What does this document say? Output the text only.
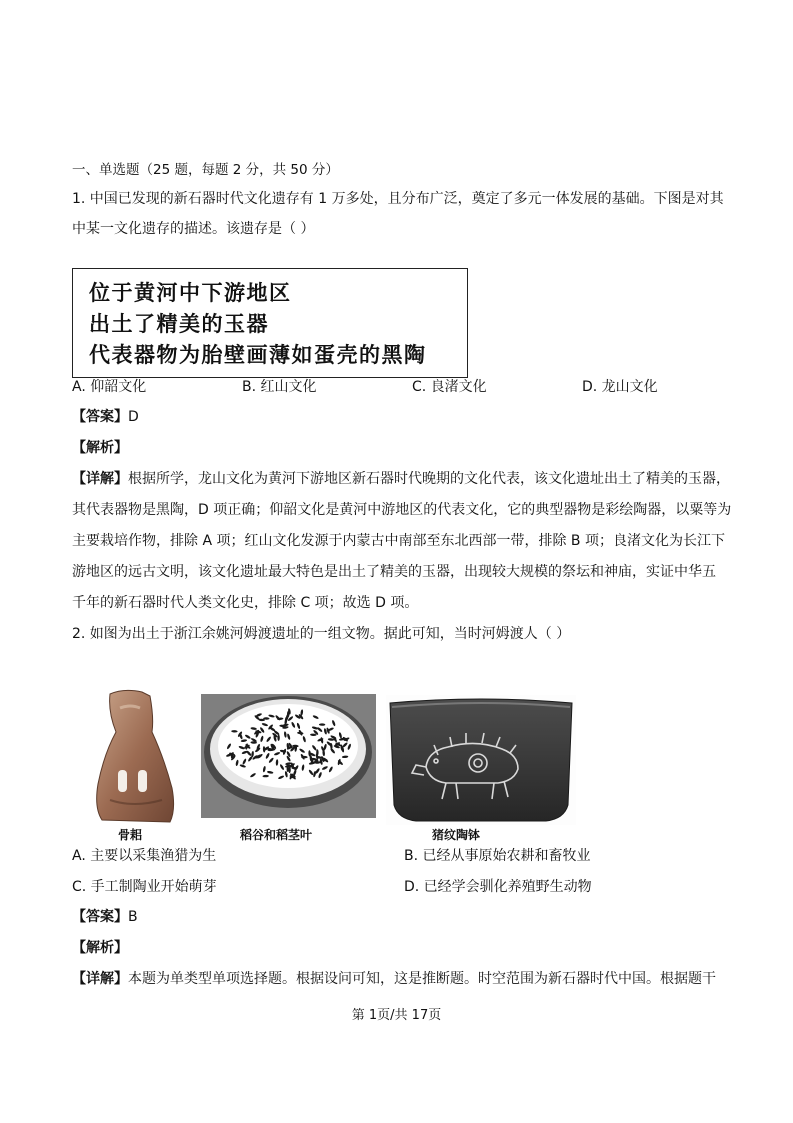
一、单选题（25 题，每题 2 分，共 50 分）
1. 中国已发现的新石器时代文化遗存有 1 万多处，且分布广泛，奠定了多元一体发展的基础。下图是对其
中某一文化遗存的描述。该遗存是（ ）
位于黄河中下游地区
出土了精美的玉器
代表器物为胎壁画薄如蛋壳的黑陶
A. 仰韶文化	B. 红山文化	C. 良渚文化	D. 龙山文化
【答案】D
【解析】
【详解】根据所学，龙山文化为黄河下游地区新石器时代晚期的文化代表，该文化遗址出土了精美的玉器，
其代表器物是黑陶，D 项正确；仰韶文化是黄河中游地区的代表文化，它的典型器物是彩绘陶器，以粟等为
主要栽培作物，排除 A 项；红山文化发源于内蒙古中南部至东北西部一带，排除 B 项；良渚文化为长江下
游地区的远古文明，该文化遗址最大特色是出土了精美的玉器，出现较大规模的祭坛和神庙，实证中华五
千年的新石器时代人类文化史，排除 C 项；故选 D 项。
2. 如图为出土于浙江余姚河姆渡遗址的一组文物。据此可知，当时河姆渡人（ ）
骨耜	稻谷和稻茎叶	猪纹陶钵
A. 主要以采集渔猎为生	B. 已经从事原始农耕和畜牧业
C. 手工制陶业开始萌芽	D. 已经学会驯化养殖野生动物
【答案】B
【解析】
【详解】本题为单类型单项选择题。根据设问可知，这是推断题。时空范围为新石器时代中国。根据题干
第 1页/共 17页
